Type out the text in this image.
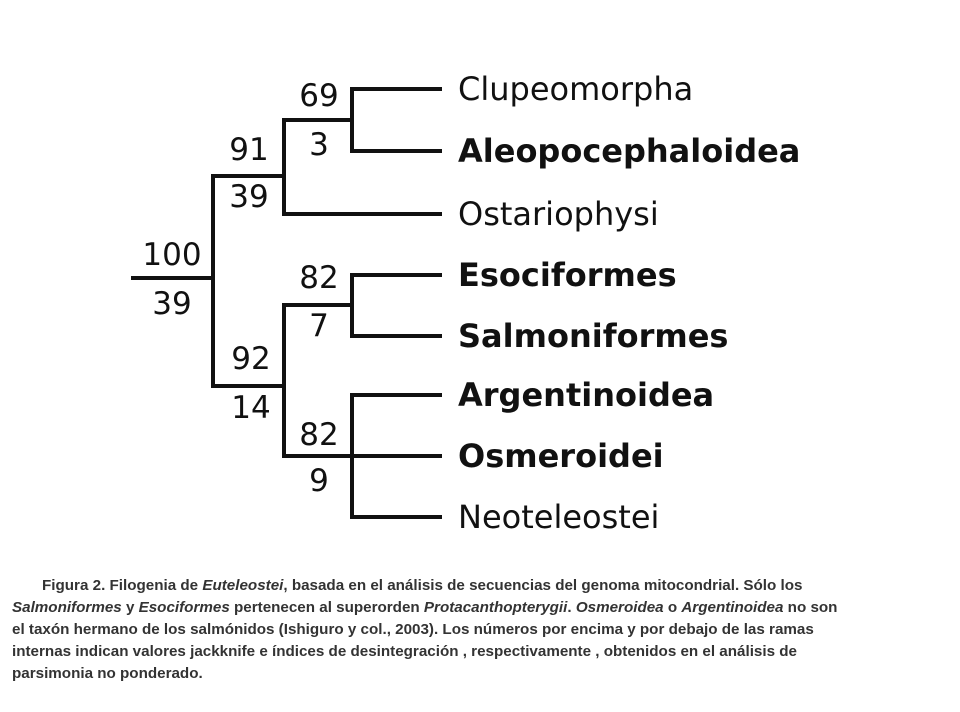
100
39
91
39
69
3
92
14
82
7
82
9
Clupeomorpha
Aleopocephaloidea
Ostariophysi
Esociformes
Salmoniformes
Argentinoidea
Osmeroidei
Neoteleostei
Figura 2. Filogenia de Euteleostei, basada en el análisis de secuencias del genoma mitocondrial. Sólo los
Salmoniformes y Esociformes pertenecen al superorden Protacanthopterygii. Osmeroidea o Argentinoidea no son
el taxón hermano de los salmónidos (Ishiguro y col., 2003). Los números por encima y por debajo de las ramas
internas indican valores jackknife e índices de desintegración , respectivamente , obtenidos en el análisis de
parsimonia no ponderado.
